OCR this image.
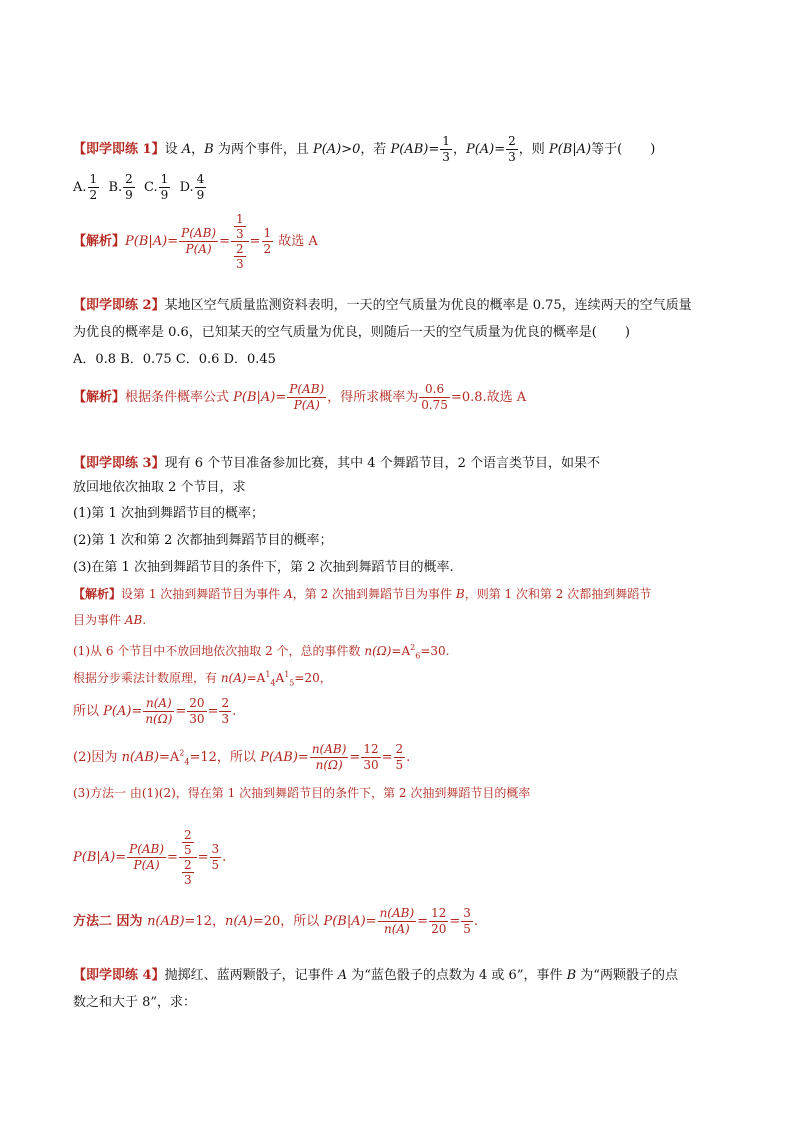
【即学即练 1】设 A，B 为两个事件，且 P(A)>0，若 $P(AB)= \frac{1}{3}$ ，$P(A)= \frac{2}{3}$ ，则 P(B|A)等于( )
A. $\frac{1}{2} B$. $\frac{2}{9} C$. $\frac{1}{9} D$. $\frac{4}{9}$
【解析】$P(B|A)= \frac{P(AB)}{P(A)} = \frac{\frac{1}{3}}{\frac{2}{3}} = \frac{1}{2}$ 故选 A
【即学即练 2】某地区空气质量监测资料表明，一天的空气质量为优良的概率是 0.75，连续两天的空气质量
为优良的概率是 0.6，已知某天的空气质量为优良，则随后一天的空气质量为优良的概率是( )
A．0.8 B．0.75 C．0.6 D．0.45
【解析】根据条件概率公式 $P(B|A)= \frac{P(AB)}{P(A)}$ ，得所求概率为 $\frac{0.6}{0.75} =0.8$.故选 A
【即学即练 3】现有 6 个节目准备参加比赛，其中 4 个舞蹈节目，2 个语言类节目，如果不
放回地依次抽取 2 个节目，求
(1)第 1 次抽到舞蹈节目的概率；
(2)第 1 次和第 2 次都抽到舞蹈节目的概率；
(3)在第 1 次抽到舞蹈节目的条件下，第 2 次抽到舞蹈节目的概率.
【解析】设第 1 次抽到舞蹈节目为事件 A，第 2 次抽到舞蹈节目为事件 B，则第 1 次和第 2 次都抽到舞蹈节
目为事件 AB.
(1)从 6 个节目中不放回地依次抽取 2 个，总的事件数 $n(\Omega)=A^2_6=30$.
根据分步乘法计数原理，有 $n(A)=A^1_4A^1_5=20$，
所以 $P(A)= \frac{n(A)}{n(\Omega)} = \frac{20}{30} = \frac{2}{3}$ .
(2)因为 $n(AB)=A^2_4=12$，所以 $P(AB)= \frac{n(AB)}{n(\Omega)} = \frac{12}{30} = \frac{2}{5}$ .
(3)方法一 由(1)(2)，得在第 1 次抽到舞蹈节目的条件下，第 2 次抽到舞蹈节目的概率
$P(B|A)= \frac{P(AB)}{P(A)} = \frac{\frac{2}{5}}{\frac{2}{3}} = \frac{3}{5}$ .
方法二 因为 n(AB)=12，n(A)=20，所以 $P(B|A)= \frac{n(AB)}{n(A)} = \frac{12}{20} = \frac{3}{5}$ .
【即学即练 4】抛掷红、蓝两颗骰子，记事件 A 为“蓝色骰子的点数为 4 或 6”，事件 B 为“两颗骰子的点
数之和大于 8”，求：
